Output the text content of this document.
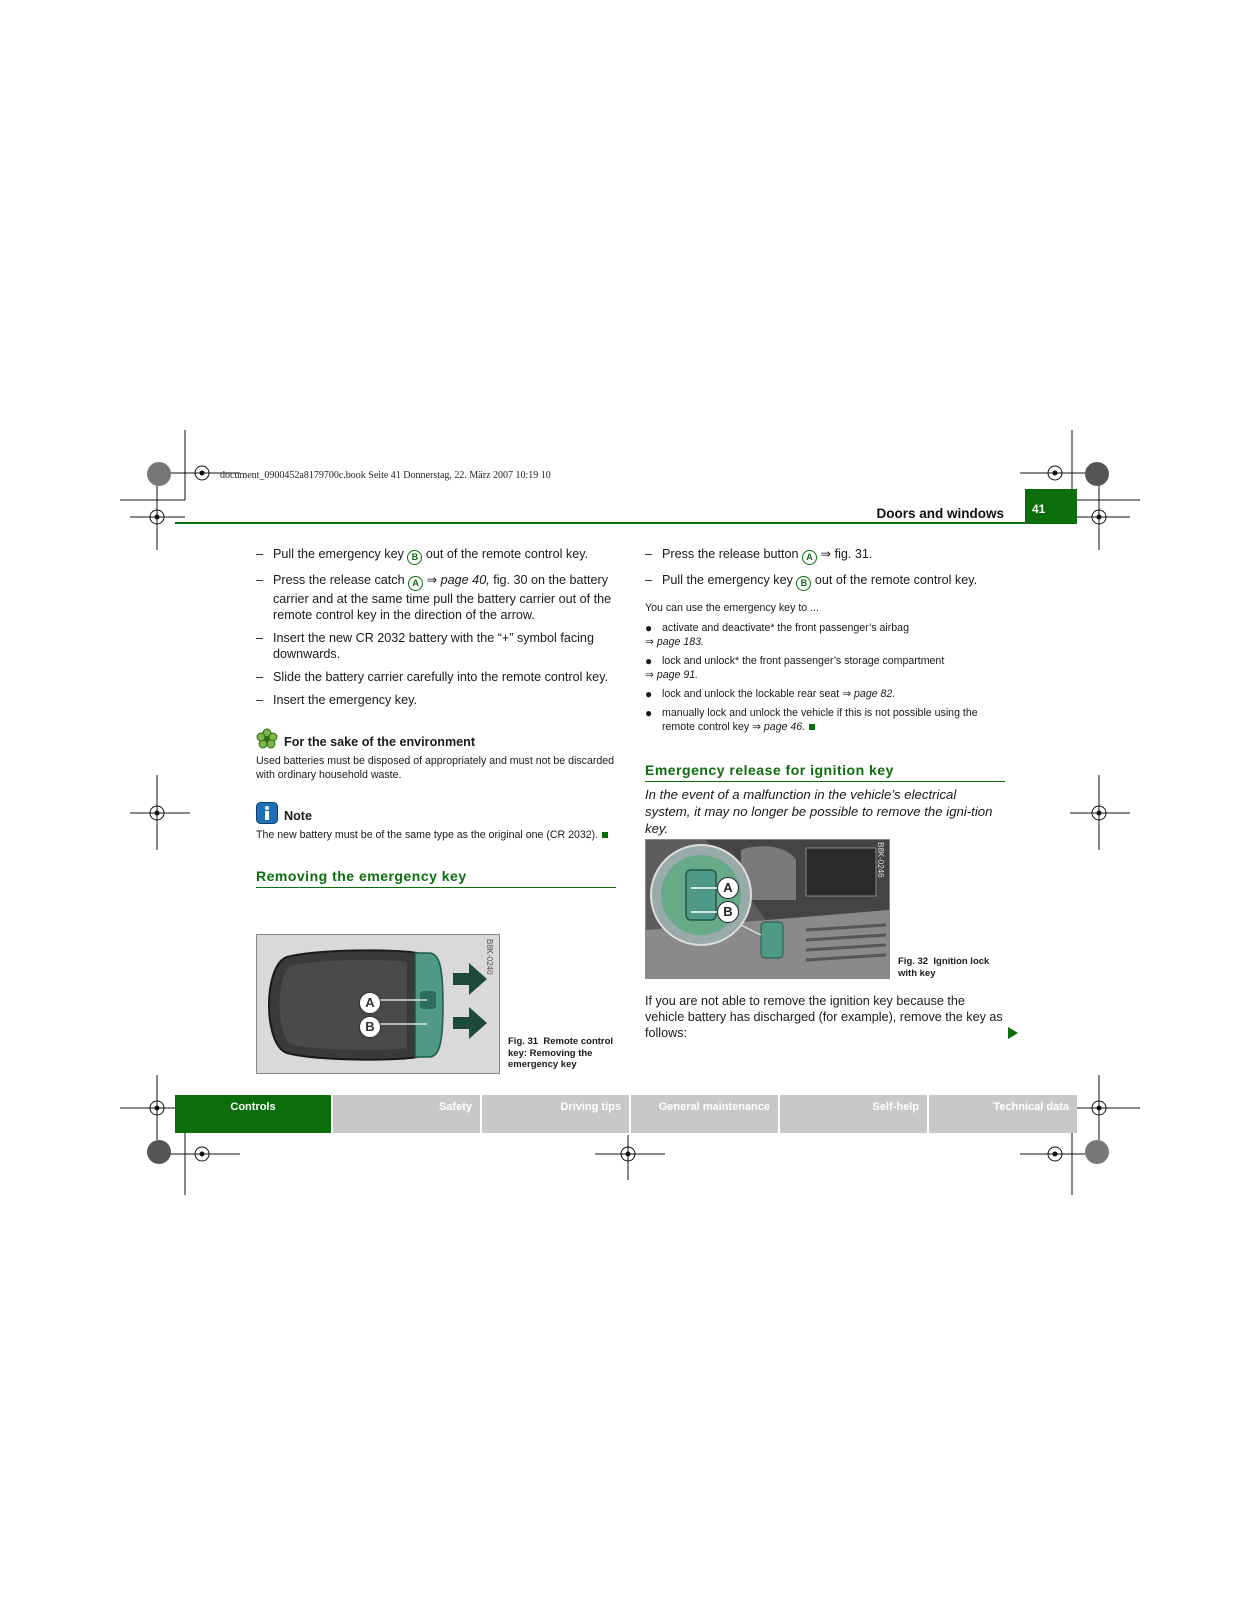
document_0900452a8179700c.book Seite 41 Donnerstag, 22. März 2007 10:19 10
Doors and windows 41
– Pull the emergency key B out of the remote control key.
– Press the release catch A ⇒ page 40, fig. 30 on the battery carrier and at the same time pull the battery carrier out of the remote control key in the direction of the arrow.
– Insert the new CR 2032 battery with the “+” symbol facing downwards.
– Slide the battery carrier carefully into the remote control key.
– Insert the emergency key.
For the sake of the environment
Used batteries must be disposed of appropriately and must not be discarded with ordinary household waste.
Note
The new battery must be of the same type as the original one (CR 2032).
Removing the emergency key
A
B
B8K-0240
Fig. 31 Remote control key: Removing the emergency key
– Press the release button A ⇒ fig. 31.
– Pull the emergency key B out of the remote control key.
You can use the emergency key to ...
● activate and deactivate* the front passenger’s airbag
⇒ page 183.
● lock and unlock* the front passenger’s storage compartment
⇒ page 91.
● lock and unlock the lockable rear seat ⇒ page 82.
● manually lock and unlock the vehicle if this is not possible using the remote control key ⇒ page 46.
Emergency release for ignition key
In the event of a malfunction in the vehicle’s electrical system, it may no longer be possible to remove the igni-tion key.
A
B
B8K-0246
Fig. 32 Ignition lock with key
If you are not able to remove the ignition key because the vehicle battery has discharged (for example), remove the key as follows:
Controls	Safety	Driving tips	General maintenance	Self-help	Technical data
